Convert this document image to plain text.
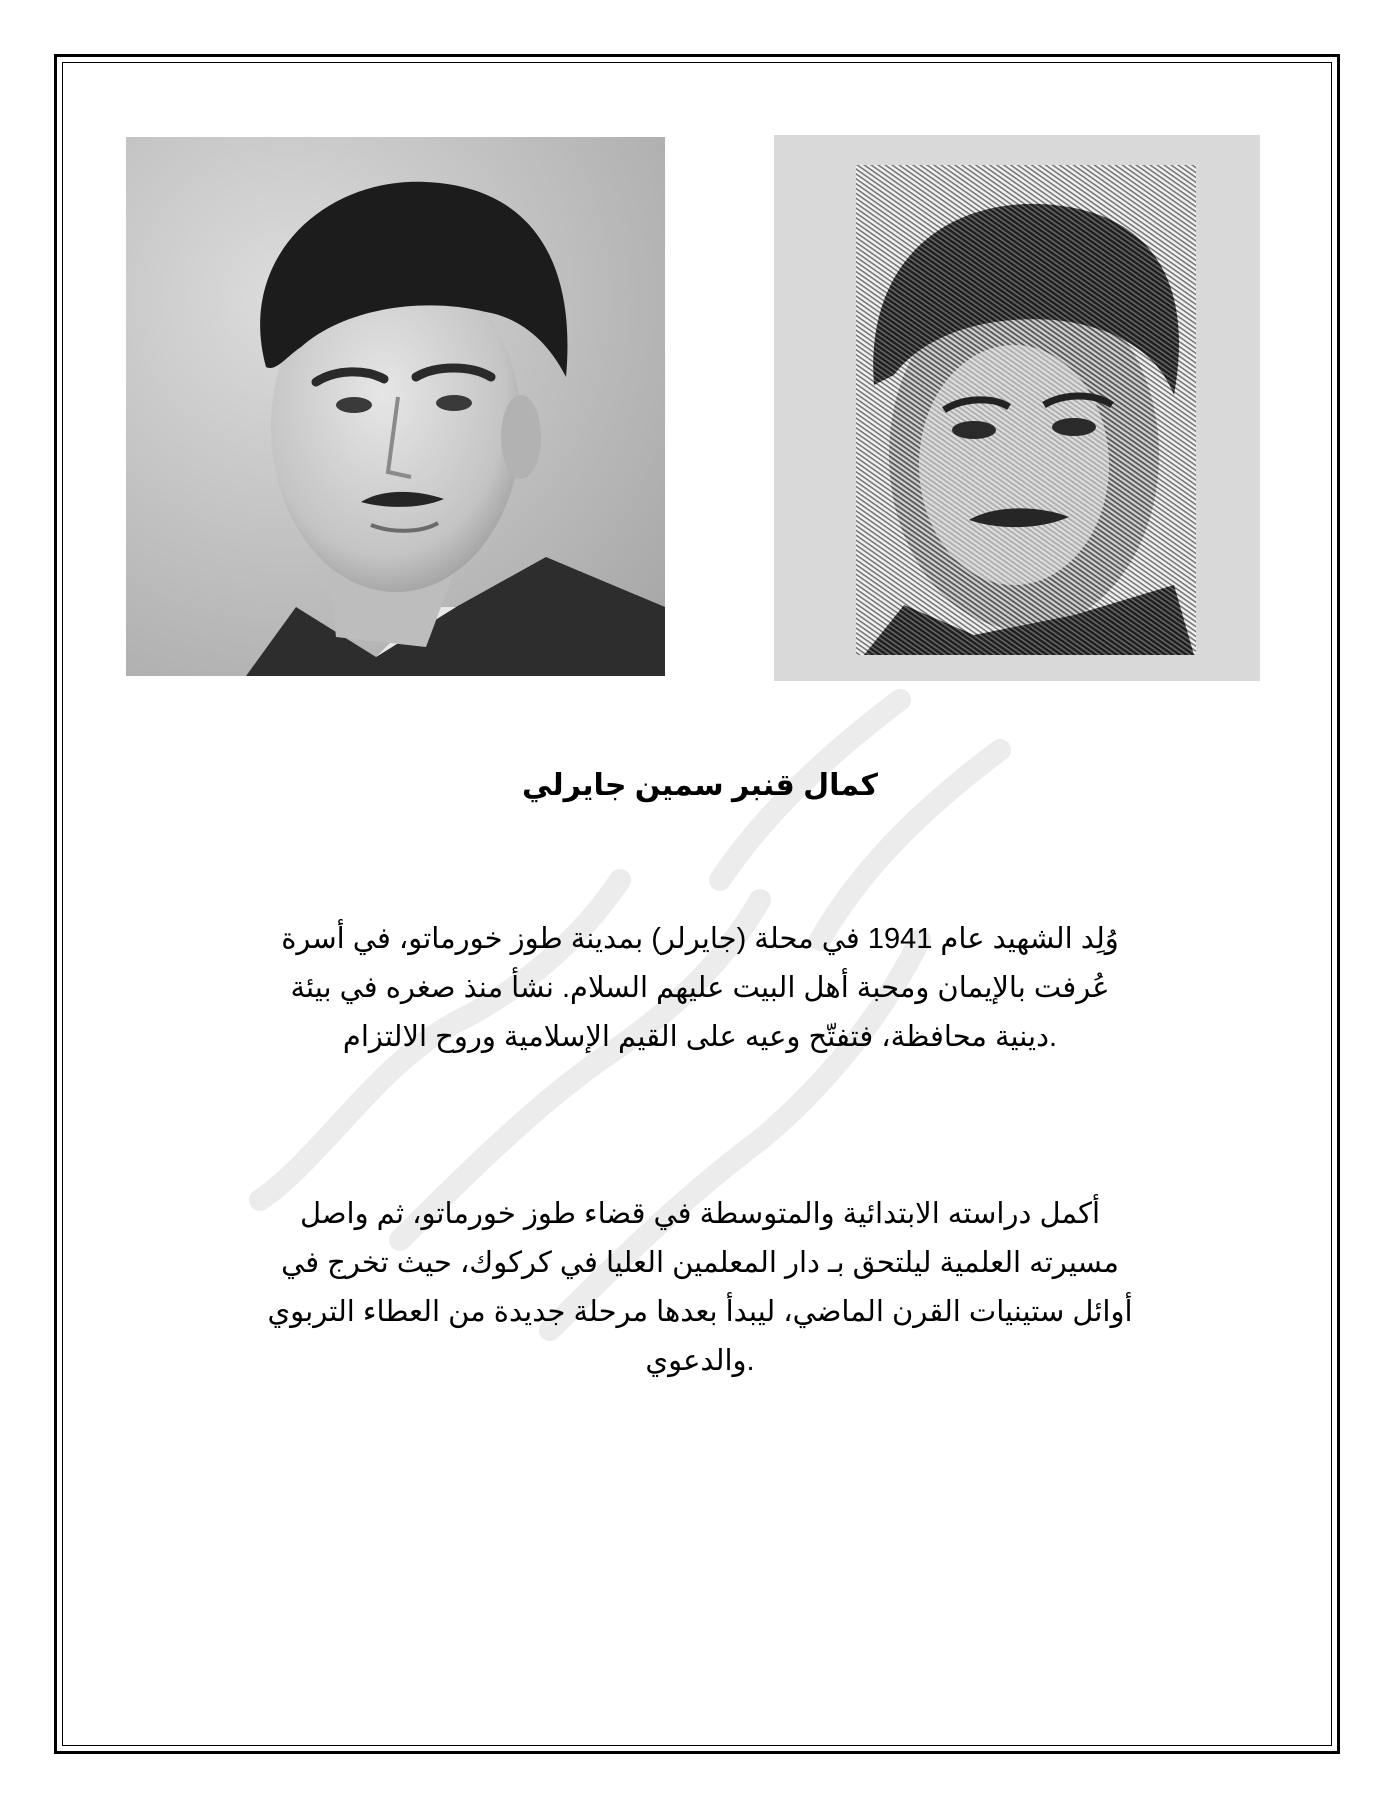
كمال قنبر سمين جايرلي
وُلِد الشهيد عام 1941 في محلة (جايرلر) بمدينة طوز خورماتو، في أسرة
عُرفت بالإيمان ومحبة أهل البيت عليهم السلام. نشأ منذ صغره في بيئة
.دينية محافظة، فتفتّح وعيه على القيم الإسلامية وروح الالتزام
أكمل دراسته الابتدائية والمتوسطة في قضاء طوز خورماتو، ثم واصل
مسيرته العلمية ليلتحق بـ دار المعلمين العليا في كركوك، حيث تخرج في
أوائل ستينيات القرن الماضي، ليبدأ بعدها مرحلة جديدة من العطاء التربوي
.والدعوي
